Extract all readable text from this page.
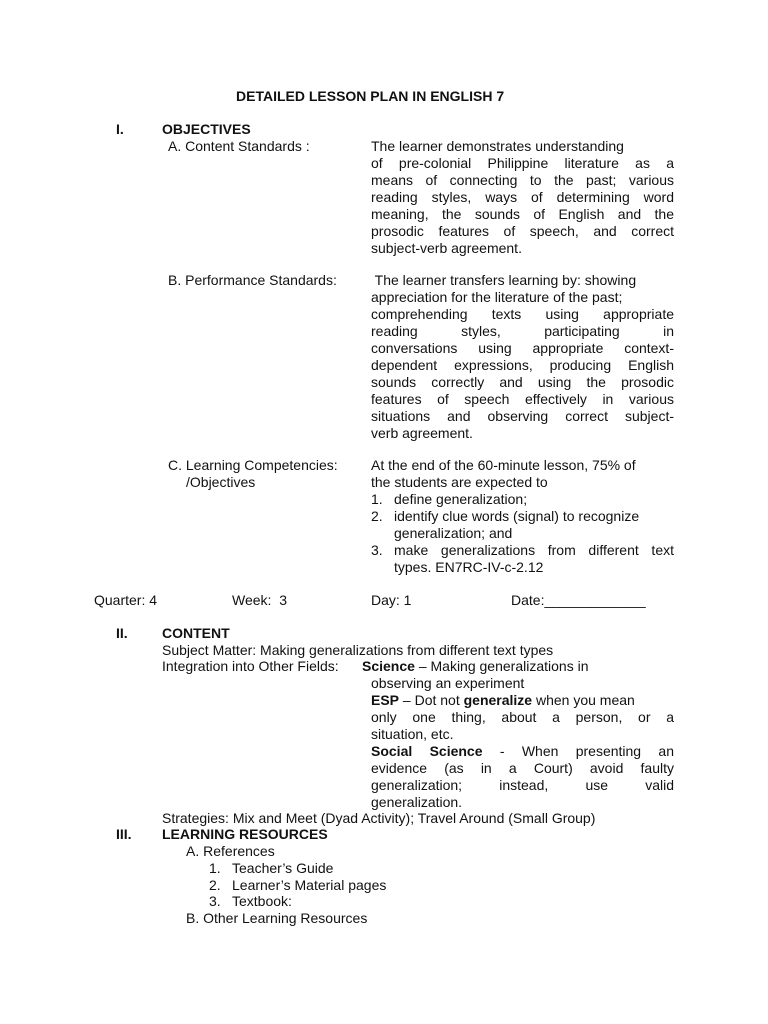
DETAILED LESSON PLAN IN ENGLISH 7
I.	OBJECTIVES
A. Content Standards :	The learner demonstrates understanding
of pre-colonial Philippine literature as a
means of connecting to the past; various
reading styles, ways of determining word
meaning, the sounds of English and the
prosodic features of speech, and correct
subject-verb agreement.
B. Performance Standards: The learner transfers learning by: showing
appreciation for the literature of the past;
comprehending texts using appropriate
reading styles, participating in
conversations using appropriate context-
dependent expressions, producing English
sounds correctly and using the prosodic
features of speech effectively in various
situations and observing correct subject-
verb agreement.
C. Learning Competencies:
/Objectives
At the end of the 60-minute lesson, 75% of
the students are expected to
1. define generalization;
2. identify clue words (signal) to recognize
generalization; and
3. make generalizations from different text
types. EN7RC-IV-c-2.12
Quarter: 4	Week:  3	Day: 1	Date:_____________
II. CONTENT
Subject Matter: Making generalizations from different text types
Integration into Other Fields: Science – Making generalizations in
observing an experiment
ESP – Dot not generalize when you mean
only one thing, about a person, or a
situation, etc.
Social Science - When presenting an
evidence (as in a Court) avoid faulty
generalization; instead, use valid
generalization.
Strategies: Mix and Meet (Dyad Activity); Travel Around (Small Group)
III. LEARNING RESOURCES
A. References
1. Teacher’s Guide
2. Learner’s Material pages
3. Textbook:
B. Other Learning Resources
